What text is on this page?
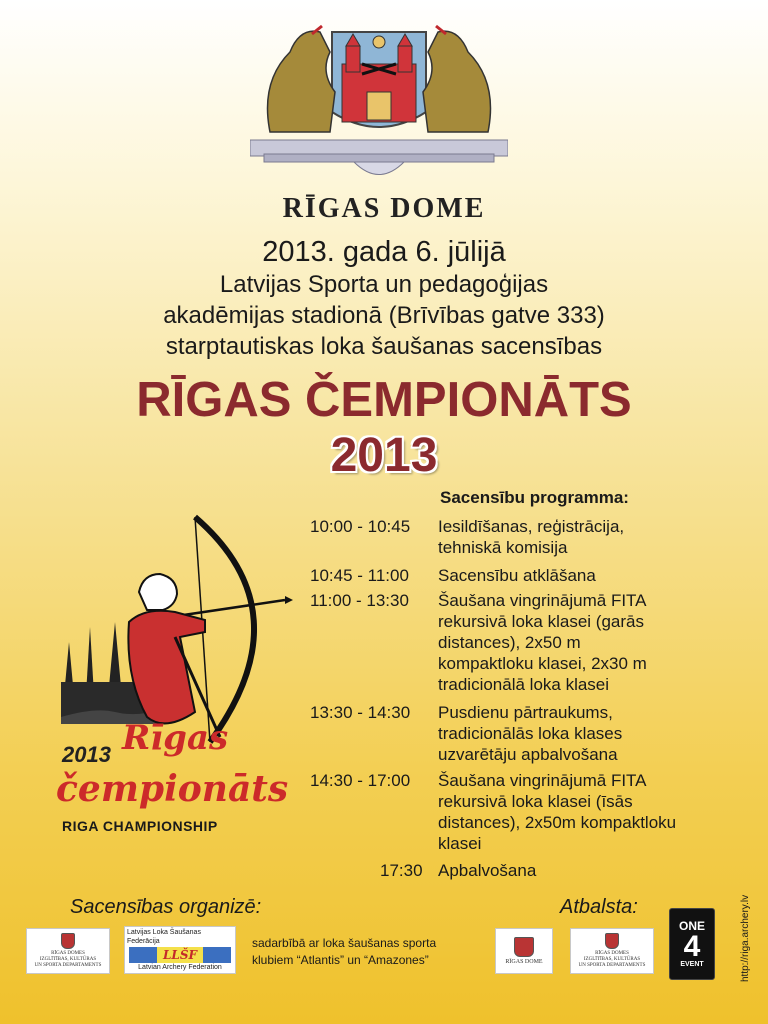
RĪGAS DOME
2013. gada 6. jūlijā
Latvijas Sporta un pedagoģijas
akadēmijas stadionā (Brīvības gatve 333)
starptautiskas loka šaušanas sacensības
RĪGAS ČEMPIONĀTS
2013
Sacensību programma:
10:00 - 10:45 Iesildīšanas, reģistrācija,
tehniskā komisija
10:45 - 11:00 Sacensību atklāšana
11:00 - 13:30 Šaušana vingrinājumā FITA
rekursivā loka klasei (garās
distances), 2x50 m
kompaktloku klasei, 2x30 m
tradicionālā loka klasei
13:30 - 14:30 Pusdienu pārtraukums,
tradicionālās loka klases
uzvarētāju apbalvošana
14:30 - 17:00 Šaušana vingrinājumā FITA
rekursivā loka klasei (īsās
distances), 2x50m kompaktloku
klasei
17:30 Apbalvošana
Rīgas
2013
čempionāts
RIGA CHAMPIONSHIP
Sacensības organizē:	Atbalsta:
RĪGAS DOMES
IZGLĪTĪBAS, KULTŪRAS
UN SPORTA DEPARTAMENTS
Latvijas Loka Šaušanas Federācija
LLŠF
Latvian Archery Federation
sadarbībā ar loka šaušanas sporta
klubiem “Atlantis” un “Amazones”	RĪGAS DOME
RĪGAS DOMES
IZGLĪTĪBAS, KULTŪRAS
UN SPORTA DEPARTAMENTS
ONE
4
EVENT	http://riga.archery.lv
